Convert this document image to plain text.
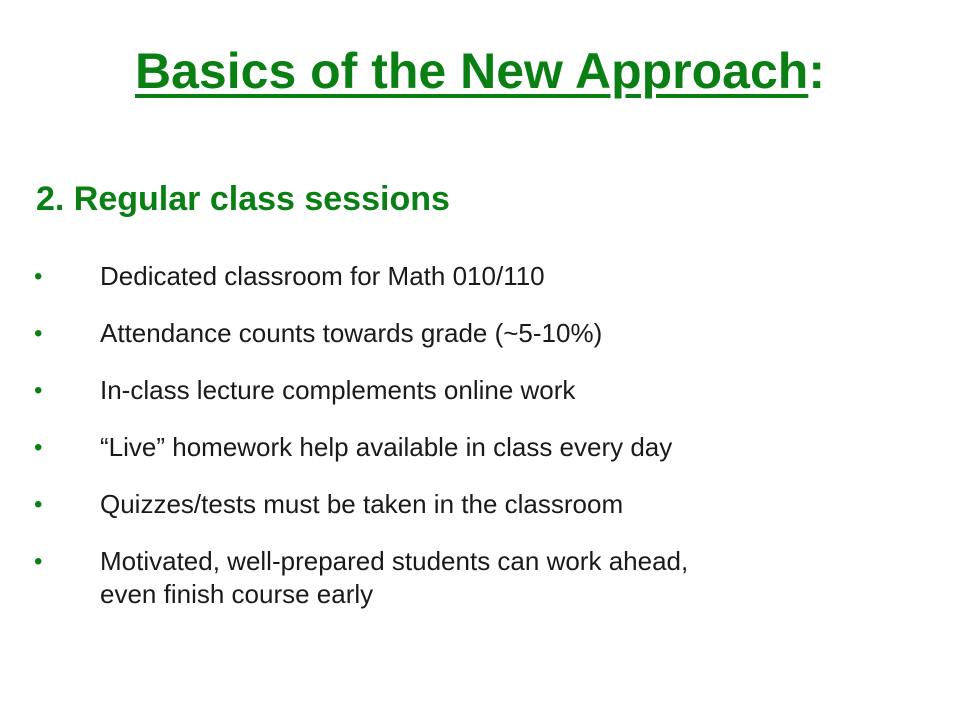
Basics of the New Approach:
2. Regular class sessions
•	Dedicated classroom for Math 010/110
•	Attendance counts towards grade (~5-10%)
•	In-class lecture complements online work
•	“Live” homework help available in class every day
•	Quizzes/tests must be taken in the classroom
•	Motivated, well-prepared students can work ahead,
even finish course early
